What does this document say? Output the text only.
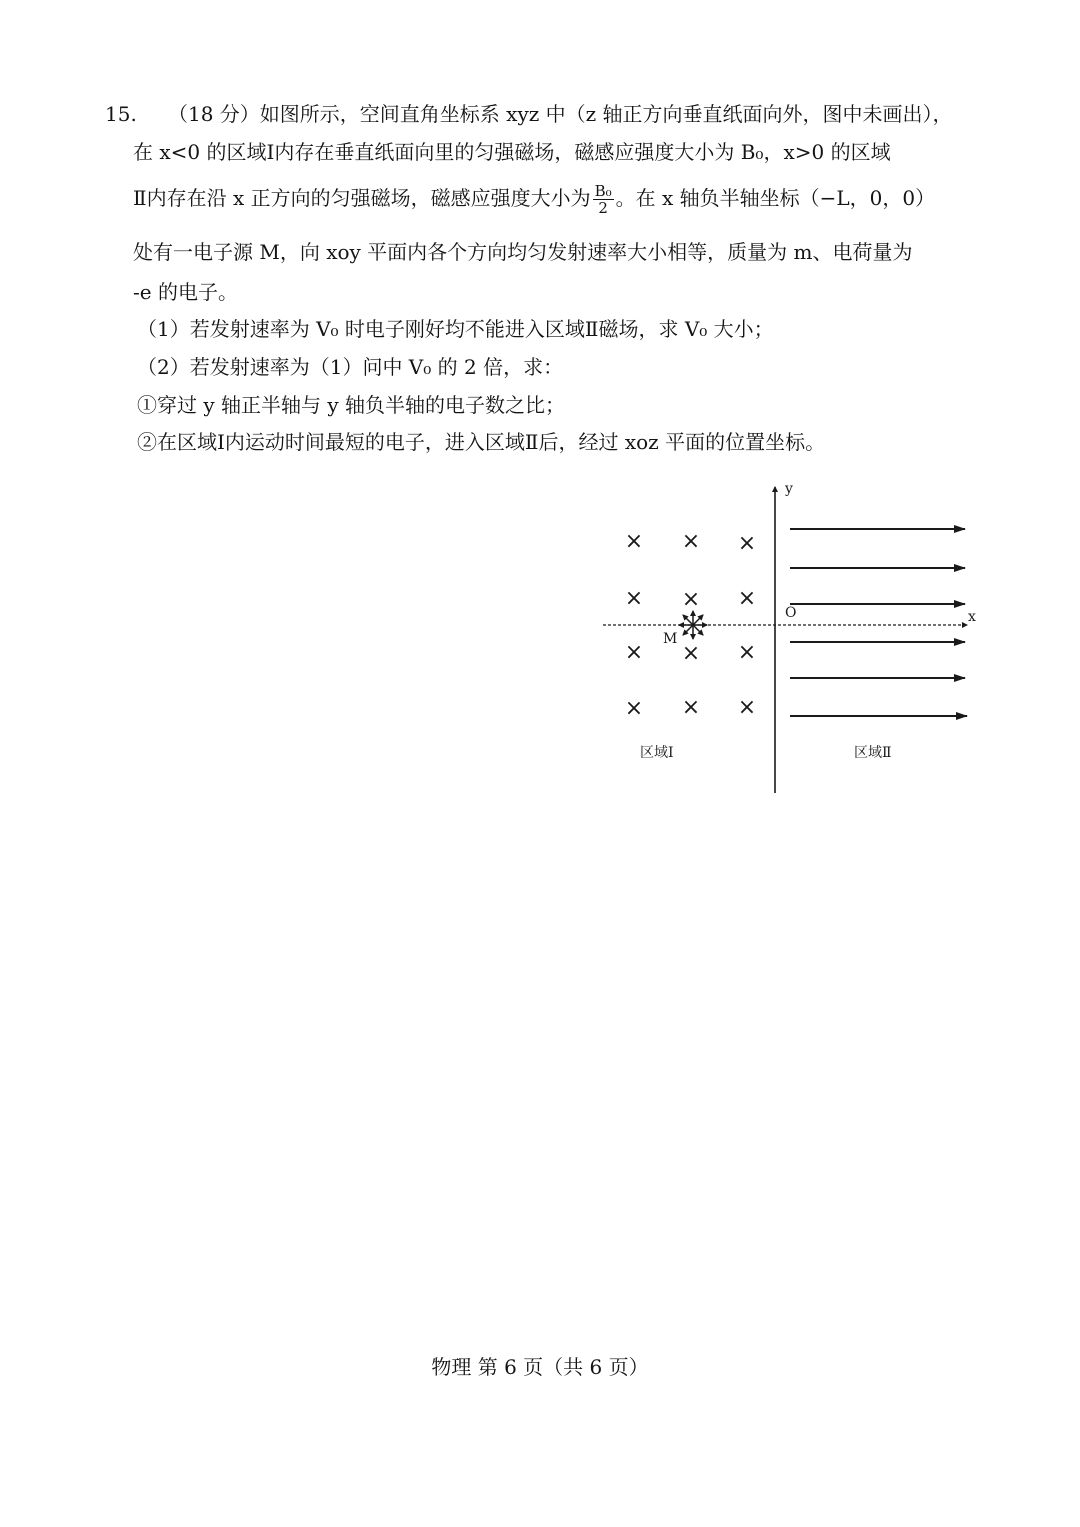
15. （18 分）如图所示，空间直角坐标系 xyz 中（z 轴正方向垂直纸面向外，图中未画出），
在 x<0 的区域Ⅰ内存在垂直纸面向里的匀强磁场，磁感应强度大小为 B₀，x>0 的区域
Ⅱ内存在沿 x 正方向的匀强磁场，磁感应强度大小为 $\frac{\text{B₀}}{2}$ 。在 x 轴负半轴坐标（−L，0，0）
处有一电子源 M，向 xoy 平面内各个方向均匀发射速率大小相等，质量为 m、电荷量为
-e 的电子。
（1）若发射速率为 V₀ 时电子刚好均不能进入区域Ⅱ磁场，求 V₀ 大小；
（2）若发射速率为（1）问中 V₀ 的 2 倍，求：
①穿过 y 轴正半轴与 y 轴负半轴的电子数之比；
②在区域Ⅰ内运动时间最短的电子，进入区域Ⅱ后，经过 xoz 平面的位置坐标。
y
x
O
× × ×
× × ×
× × ×
× × ×
M
区域Ⅰ	区域Ⅱ
物理 第 6 页（共 6 页）
